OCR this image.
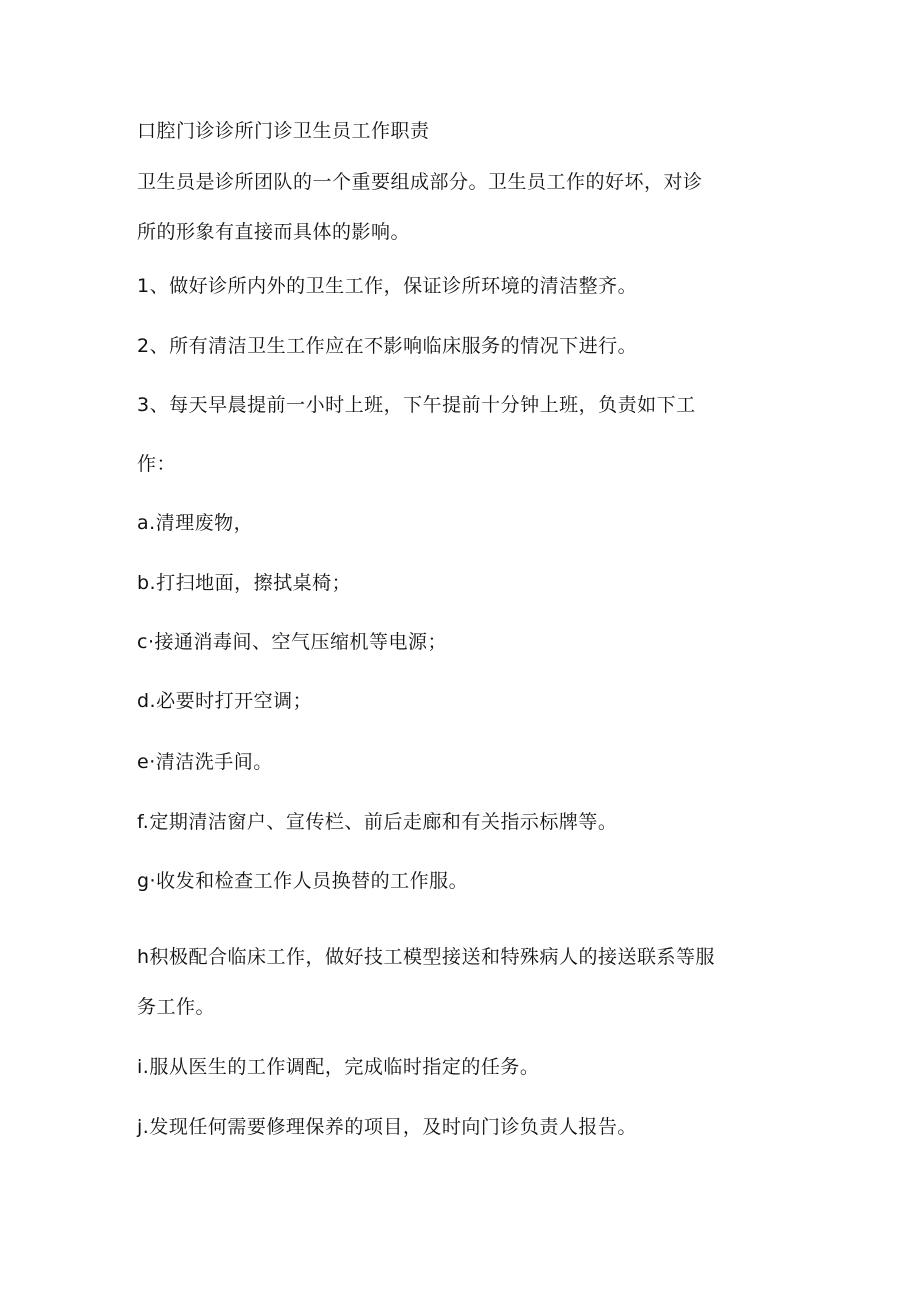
口腔门诊诊所门诊卫生员工作职责
卫生员是诊所团队的一个重要组成部分。卫生员工作的好坏，对诊
所的形象有直接而具体的影响。
1、做好诊所内外的卫生工作，保证诊所环境的清洁整齐。
2、所有清洁卫生工作应在不影响临床服务的情况下进行。
3、每天早晨提前一小时上班，下午提前十分钟上班，负责如下工
作：
a.清理废物，
b.打扫地面，擦拭桌椅；
c·接通消毒间、空气压缩机等电源；
d.必要时打开空调；
e·清洁洗手间。
f.定期清洁窗户、宣传栏、前后走廊和有关指示标牌等。
g·收发和检查工作人员换替的工作服。
h积极配合临床工作，做好技工模型接送和特殊病人的接送联系等服
务工作。
i.服从医生的工作调配，完成临时指定的任务。
j.发现任何需要修理保养的项目，及时向门诊负责人报告。
